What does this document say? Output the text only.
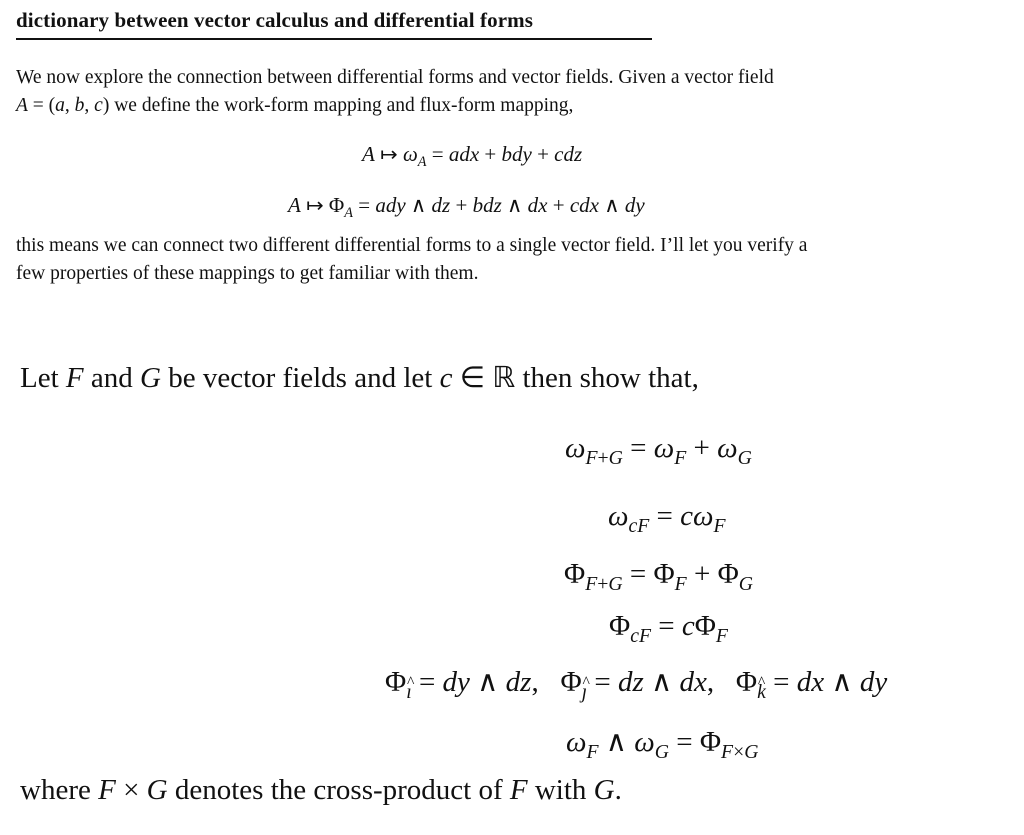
dictionary between vector calculus and differential forms
We now explore the connection between differential forms and vector fields. Given a vector field
A = (a, b, c) we define the work-form mapping and flux-form mapping,
A ↦ $\omega_A$ = adx + bdy + cdz
A ↦ $\Phi_A$ = ady ∧ dz + bdz ∧ dx + cdx ∧ dy
this means we can connect two different differential forms to a single vector field. I’ll let you verify a
few properties of these mappings to get familiar with them.
Let F and G be vector fields and let c ∈ ℝ then show that,
$\omega_{F+G} = \omega_F + \omega_G$
$\omega_{cF} = c\omega_F$
$\Phi_{F+G} = \Phi_F + \Phi_G$
$\Phi_{cF} = c\Phi_F$
$\Phi_ı$ = dy ∧ dz,   $\Phi_ȷ$ = dz ∧ dx,   $\Phi_k$ = dx ∧ dy
$\omega_F$ ∧ $\omega_G = \Phi_{F\times G}$
where F × G denotes the cross-product of F with G.
